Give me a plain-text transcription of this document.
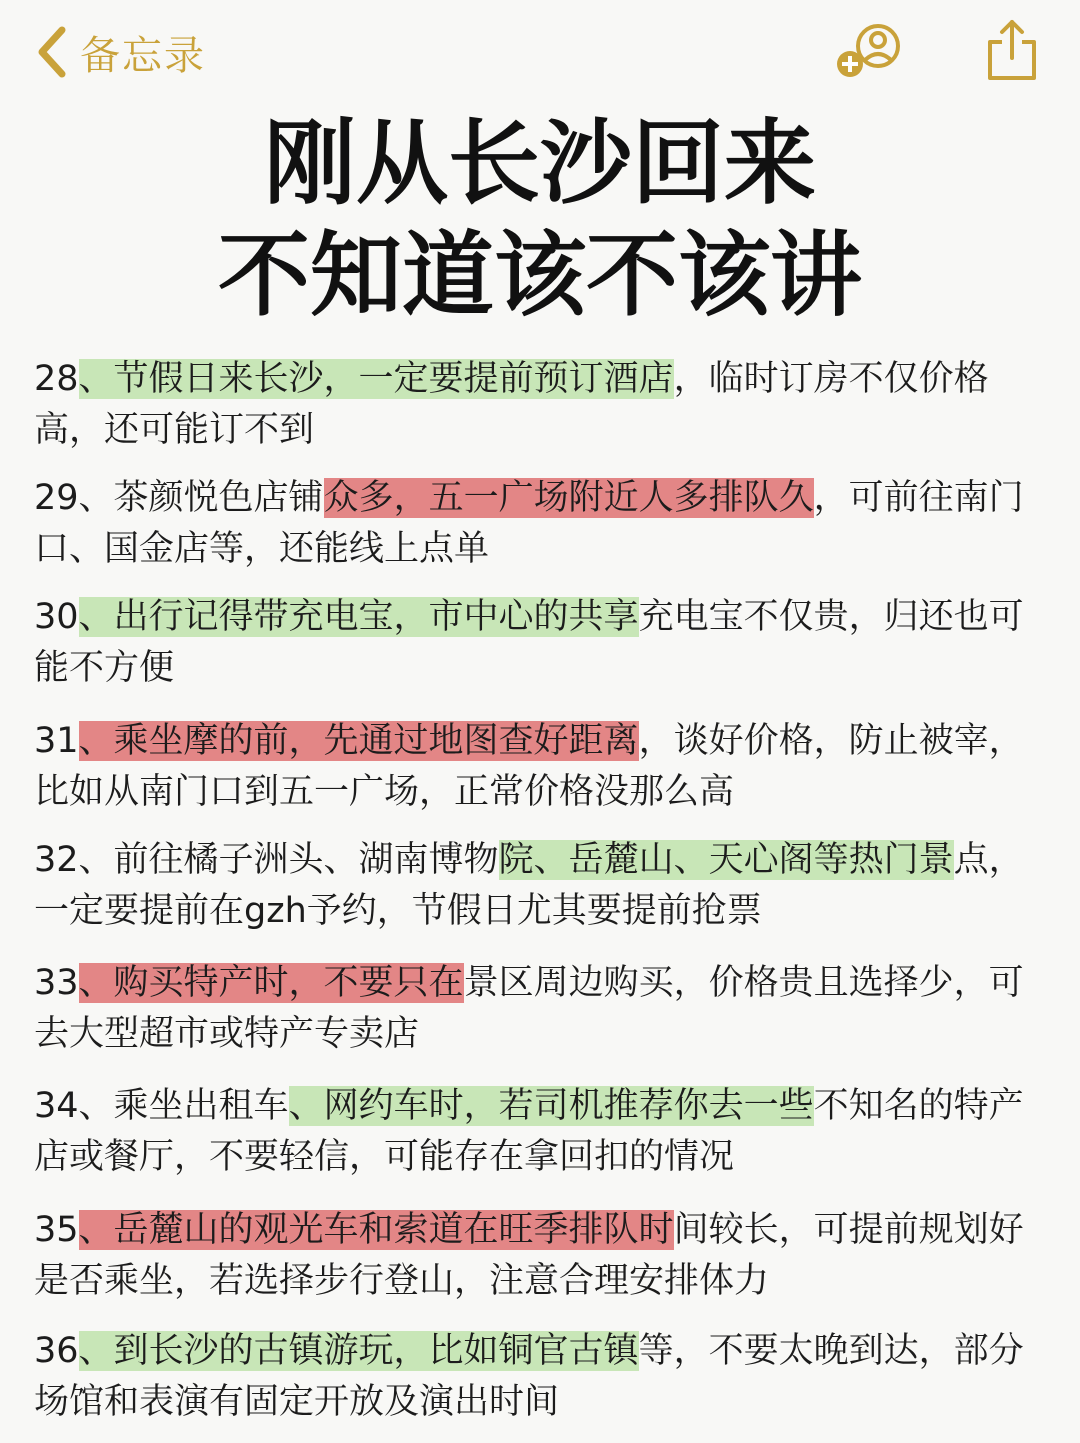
备忘录
刚从长沙回来
不知道该不该讲

28、节假日来长沙，一定要提前预订酒店，临时订房不仅价格高，还可能订不到

29、茶颜悦色店铺众多，五一广场附近人多排队久，可前往南门口、国金店等，还能线上点单

30、出行记得带充电宝，市中心的共享充电宝不仅贵，归还也可能不方便

31、乘坐摩的前，先通过地图查好距离，谈好价格，防止被宰，比如从南门口到五一广场，正常价格没那么高

32、前往橘子洲头、湖南博物院、岳麓山、天心阁等热门景点，一定要提前在gzh予约，节假日尤其要提前抢票

33、购买特产时，不要只在景区周边购买，价格贵且选择少，可去大型超市或特产专卖店

34、乘坐出租车、网约车时，若司机推荐你去一些不知名的特产店或餐厅，不要轻信，可能存在拿回扣的情况

35、岳麓山的观光车和索道在旺季排队时间较长，可提前规划好是否乘坐，若选择步行登山，注意合理安排体力

36、到长沙的古镇游玩，比如铜官古镇等，不要太晚到达，部分场馆和表演有固定开放及演出时间
